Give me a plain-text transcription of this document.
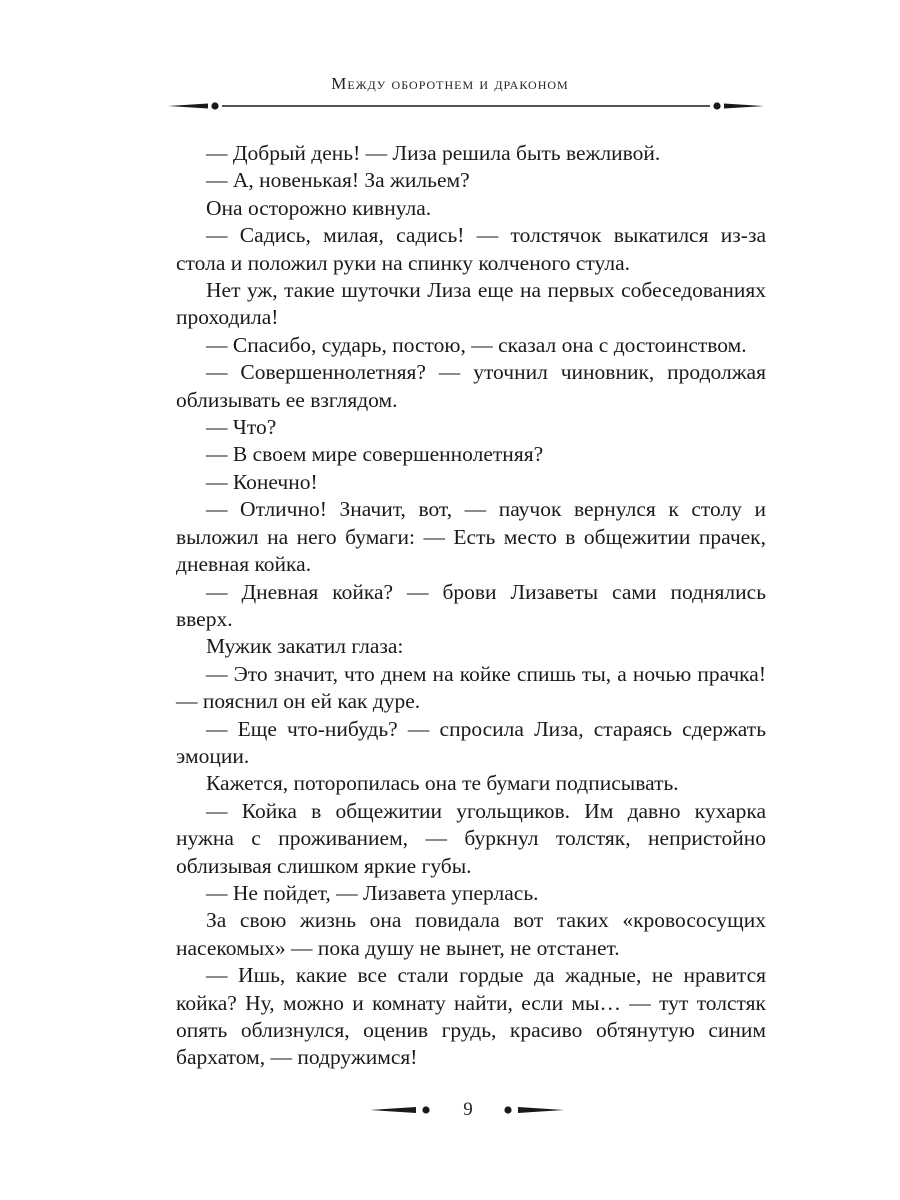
Между оборотнем и драконом

— Добрый день! — Лиза решила быть вежливой.

— А, новенькая! За жильем?

Она осторожно кивнула.

— Садись, милая, садись! — толстячок выкатился из-за стола и положил руки на спинку колченого стула.

Нет уж, такие шуточки Лиза еще на первых собеседованиях проходила!

— Спасибо, сударь, постою, — сказал она с достоинством.

— Совершеннолетняя? — уточнил чиновник, продолжая облизывать ее взглядом.

— Что?

— В своем мире совершеннолетняя?

— Конечно!

— Отлично! Значит, вот, — паучок вернулся к столу и выложил на него бумаги: — Есть место в общежитии прачек, дневная койка.

— Дневная койка? — брови Лизаветы сами поднялись вверх.

Мужик закатил глаза:

— Это значит, что днем на койке спишь ты, а ночью прачка! — пояснил он ей как дуре.

— Еще что-нибудь? — спросила Лиза, стараясь сдержать эмоции.

Кажется, поторопилась она те бумаги подписывать.

— Койка в общежитии угольщиков. Им давно кухарка нужна с проживанием, — буркнул толстяк, непристойно облизывая слишком яркие губы.

— Не пойдет, — Лизавета уперлась.

За свою жизнь она повидала вот таких «кровососущих насекомых» — пока душу не вынет, не отстанет.

— Ишь, какие все стали гордые да жадные, не нравится койка? Ну, можно и комнату найти, если мы… — тут толстяк опять облизнулся, оценив грудь, красиво обтянутую синим бархатом, — подружимся!

9
